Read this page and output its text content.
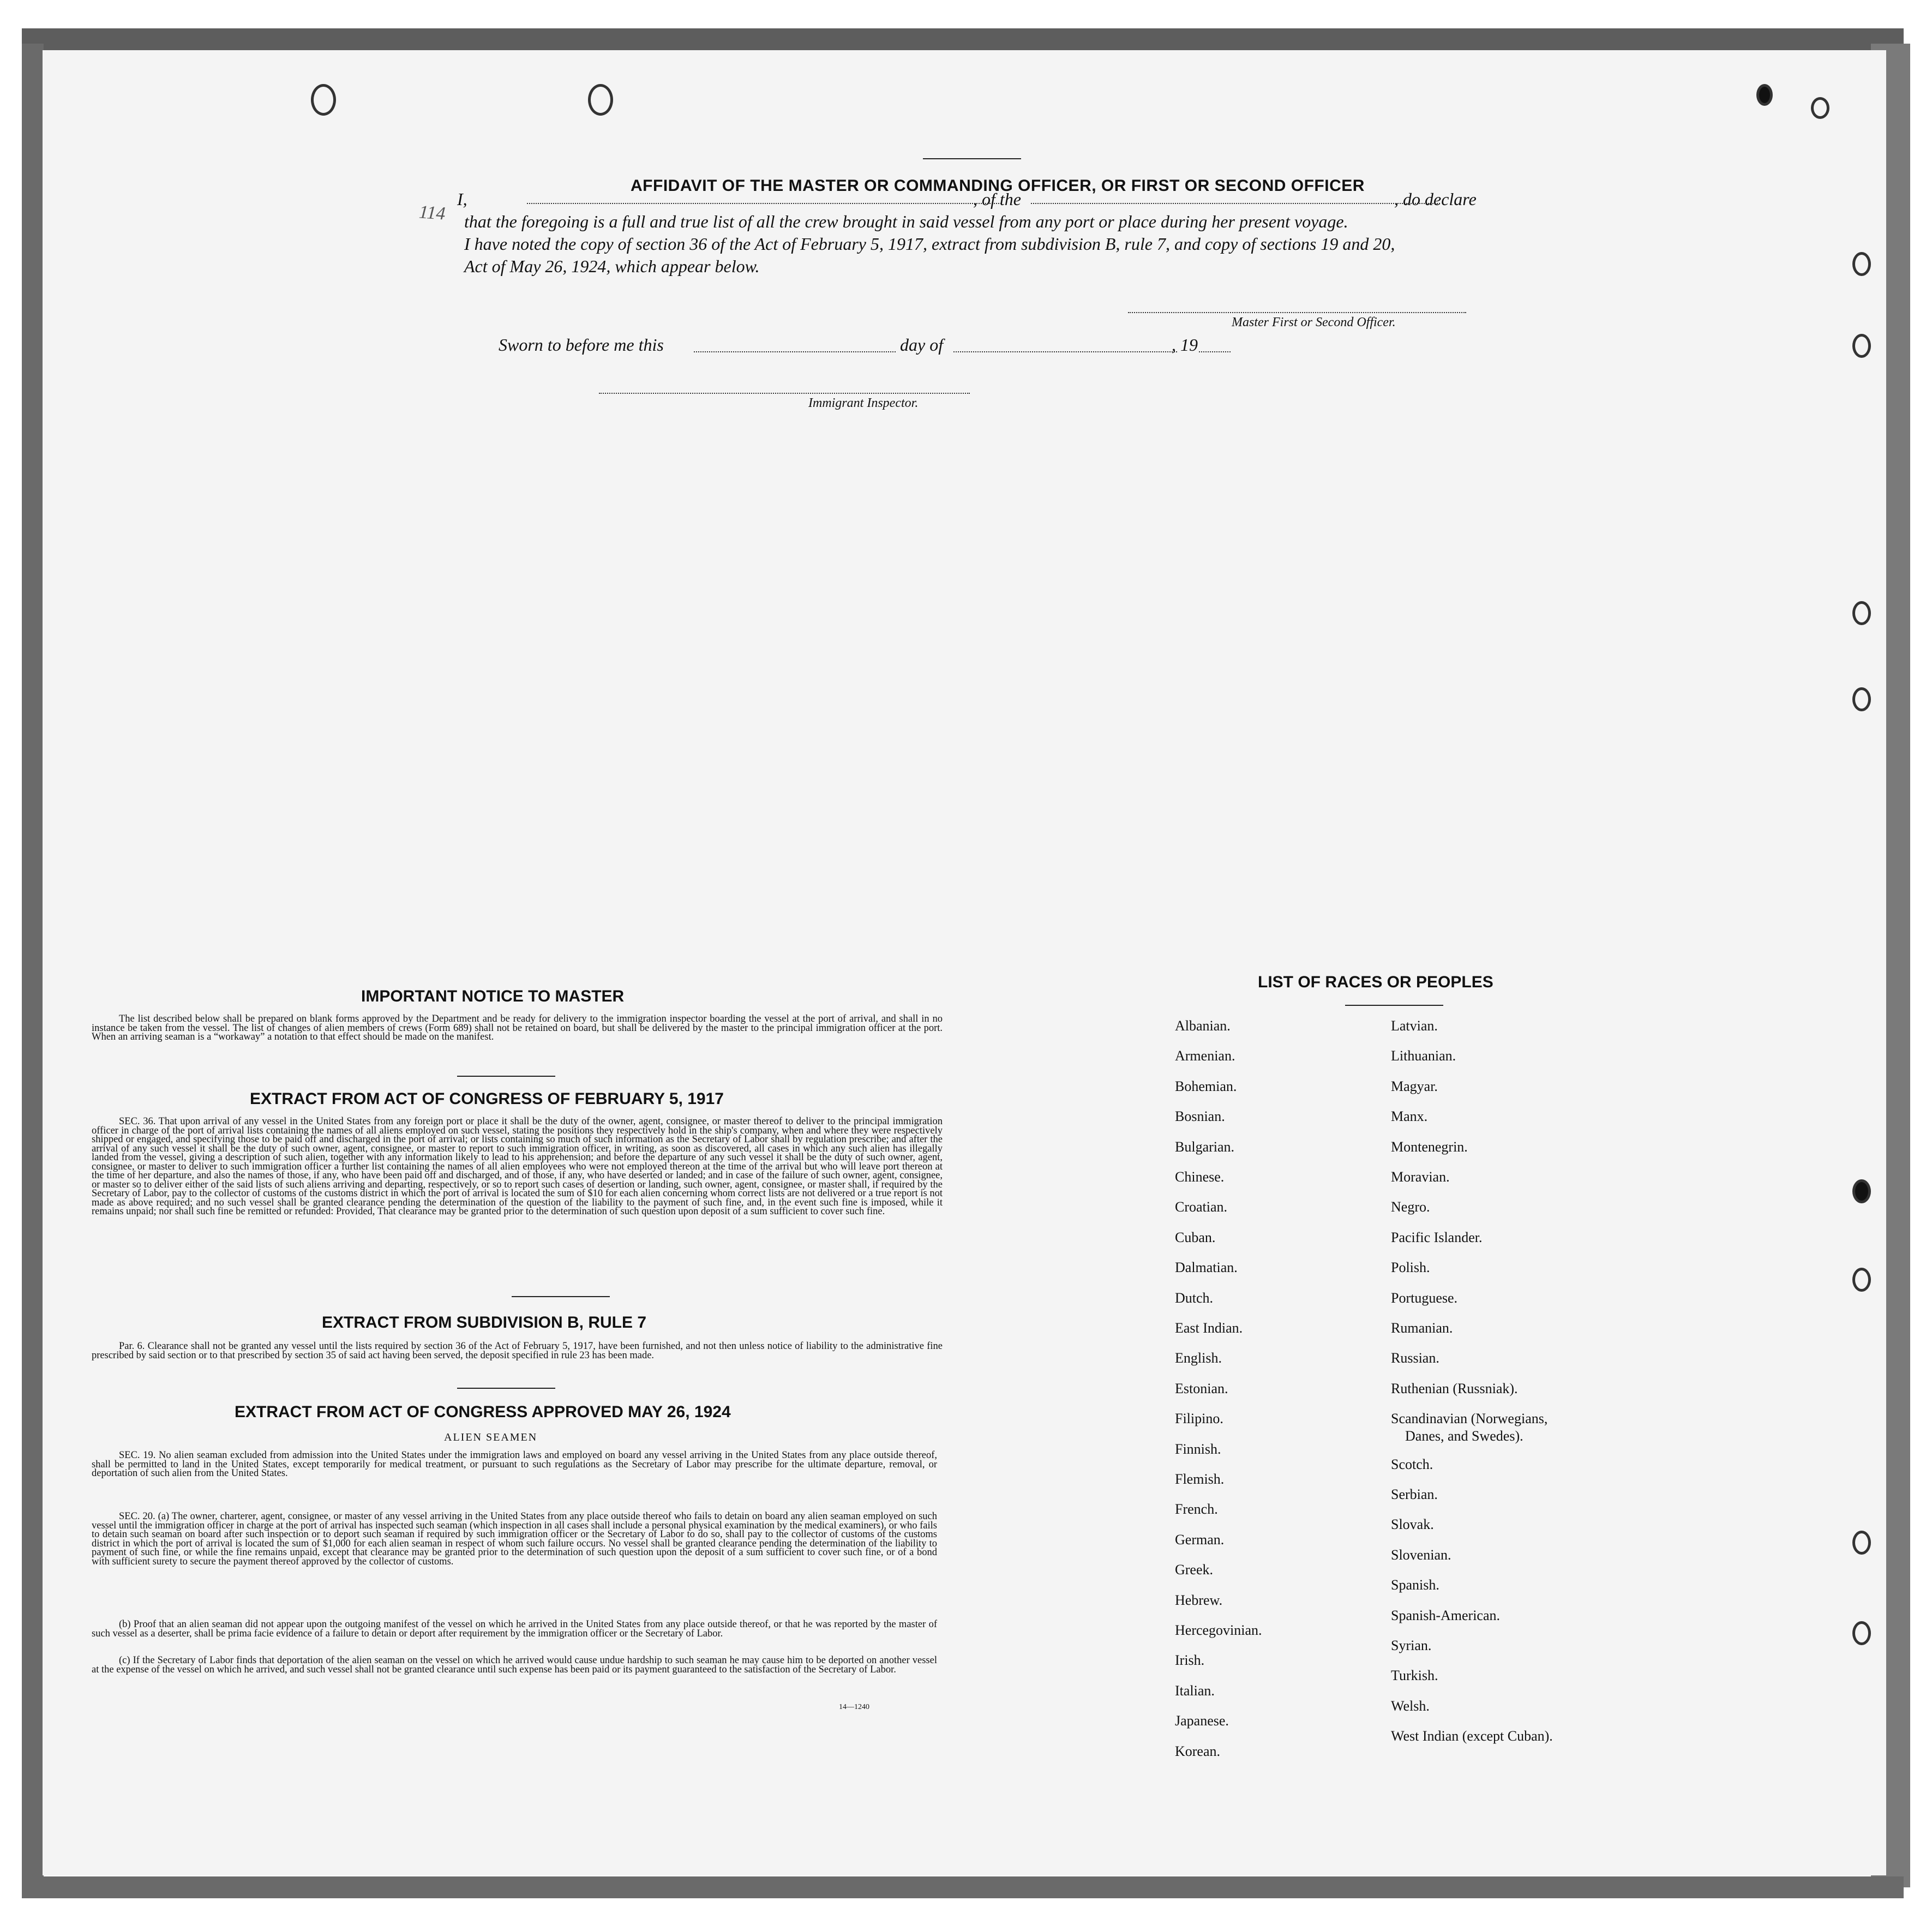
AFFIDAVIT OF THE MASTER OR COMMANDING OFFICER, OR FIRST OR SECOND OFFICER
I,	, of the	, do declare
that the foregoing is a full and true list of all the crew brought in said vessel from any port or place during her present voyage.
I have noted the copy of section 36 of the Act of February 5, 1917, extract from subdivision B, rule 7, and copy of sections 19 and 20,
Act of May 26, 1924, which appear below.
114
Master First or Second Officer.
Sworn to before me this	day of	, 19
Immigrant Inspector.
IMPORTANT NOTICE TO MASTER
The list described below shall be prepared on blank forms approved by the Department and be ready for delivery to the immigration inspector boarding the vessel at the port of arrival, and shall in no instance be taken from the vessel. The list of changes of alien members of crews (Form 689) shall not be retained on board, but shall be delivered by the master to the principal immigration officer at the port. When an arriving seaman is a “workaway” a notation to that effect should be made on the manifest.
EXTRACT FROM ACT OF CONGRESS OF FEBRUARY 5, 1917
SEC. 36. That upon arrival of any vessel in the United States from any foreign port or place it shall be the duty of the owner, agent, consignee, or master thereof to deliver to the principal immigration officer in charge of the port of arrival lists containing the names of all aliens employed on such vessel, stating the positions they respectively hold in the ship's company, when and where they were respectively shipped or engaged, and specifying those to be paid off and discharged in the port of arrival; or lists containing so much of such information as the Secretary of Labor shall by regulation prescribe; and after the arrival of any such vessel it shall be the duty of such owner, agent, consignee, or master to report to such immigration officer, in writing, as soon as discovered, all cases in which any such alien has illegally landed from the vessel, giving a description of such alien, together with any information likely to lead to his apprehension; and before the departure of any such vessel it shall be the duty of such owner, agent, consignee, or master to deliver to such immigration officer a further list containing the names of all alien employees who were not employed thereon at the time of the arrival but who will leave port thereon at the time of her departure, and also the names of those, if any, who have been paid off and discharged, and of those, if any, who have deserted or landed; and in case of the failure of such owner, agent, consignee, or master so to deliver either of the said lists of such aliens arriving and departing, respectively, or so to report such cases of desertion or landing, such owner, agent, consignee, or master shall, if required by the Secretary of Labor, pay to the collector of customs of the customs district in which the port of arrival is located the sum of $10 for each alien concerning whom correct lists are not delivered or a true report is not made as above required; and no such vessel shall be granted clearance pending the determination of the question of the liability to the payment of such fine, and, in the event such fine is imposed, while it remains unpaid; nor shall such fine be remitted or refunded: Provided, That clearance may be granted prior to the determination of such question upon deposit of a sum sufficient to cover such fine.
EXTRACT FROM SUBDIVISION B, RULE 7
Par. 6. Clearance shall not be granted any vessel until the lists required by section 36 of the Act of February 5, 1917, have been furnished, and not then unless notice of liability to the administrative fine prescribed by said section or to that prescribed by section 35 of said act having been served, the deposit specified in rule 23 has been made.
EXTRACT FROM ACT OF CONGRESS APPROVED MAY 26, 1924
ALIEN SEAMEN
SEC. 19. No alien seaman excluded from admission into the United States under the immigration laws and employed on board any vessel arriving in the United States from any place outside thereof, shall be permitted to land in the United States, except temporarily for medical treatment, or pursuant to such regulations as the Secretary of Labor may prescribe for the ultimate departure, removal, or deportation of such alien from the United States.
SEC. 20. (a) The owner, charterer, agent, consignee, or master of any vessel arriving in the United States from any place outside thereof who fails to detain on board any alien seaman employed on such vessel until the immigration officer in charge at the port of arrival has inspected such seaman (which inspection in all cases shall include a personal physical examination by the medical examiners), or who fails to detain such seaman on board after such inspection or to deport such seaman if required by such immigration officer or the Secretary of Labor to do so, shall pay to the collector of customs of the customs district in which the port of arrival is located the sum of $1,000 for each alien seaman in respect of whom such failure occurs. No vessel shall be granted clearance pending the determination of the liability to payment of such fine, or while the fine remains unpaid, except that clearance may be granted prior to the determination of such question upon the deposit of a sum sufficient to cover such fine, or of a bond with sufficient surety to secure the payment thereof approved by the collector of customs.
(b) Proof that an alien seaman did not appear upon the outgoing manifest of the vessel on which he arrived in the United States from any place outside thereof, or that he was reported by the master of such vessel as a deserter, shall be prima facie evidence of a failure to detain or deport after requirement by the immigration officer or the Secretary of Labor.
(c) If the Secretary of Labor finds that deportation of the alien seaman on the vessel on which he arrived would cause undue hardship to such seaman he may cause him to be deported on another vessel at the expense of the vessel on which he arrived, and such vessel shall not be granted clearance until such expense has been paid or its payment guaranteed to the satisfaction of the Secretary of Labor.
14—1240
LIST OF RACES OR PEOPLES
Albanian.
Armenian.
Bohemian.
Bosnian.
Bulgarian.
Chinese.
Croatian.
Cuban.
Dalmatian.
Dutch.
East Indian.
English.
Estonian.
Filipino.
Finnish.
Flemish.
French.
German.
Greek.
Hebrew.
Hercegovinian.
Irish.
Italian.
Japanese.
Korean.
Latvian.
Lithuanian.
Magyar.
Manx.
Montenegrin.
Moravian.
Negro.
Pacific Islander.
Polish.
Portuguese.
Rumanian.
Russian.
Ruthenian (Russniak).
Scandinavian (Norwegians,
Danes, and Swedes).
Scotch.
Serbian.
Slovak.
Slovenian.
Spanish.
Spanish-American.
Syrian.
Turkish.
Welsh.
West Indian (except Cuban).
